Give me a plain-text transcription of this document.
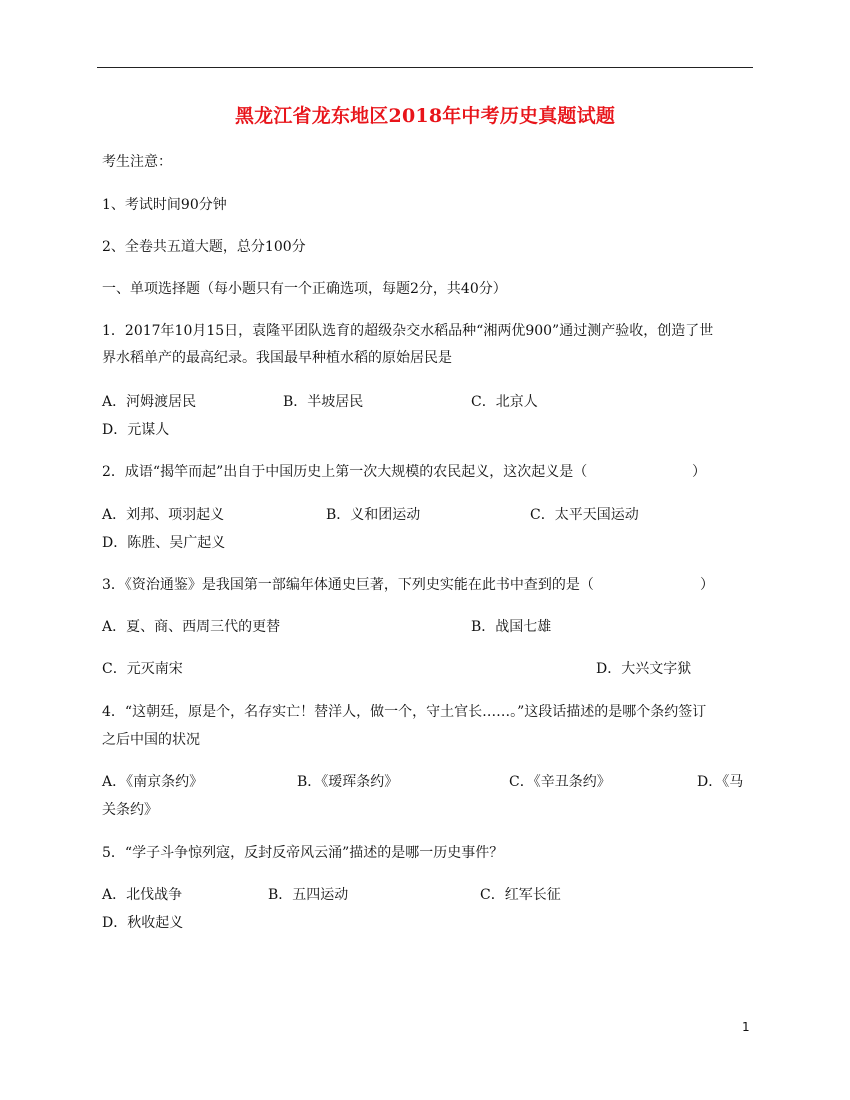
黑龙江省龙东地区2018年中考历史真题试题
考生注意：
1、考试时间90分钟
2、全卷共五道大题，总分100分
一、单项选择题（每小题只有一个正确选项，每题2分，共40分）
1．2017年10月15日，袁隆平团队选育的超级杂交水稻品种“湘两优900”通过测产验收，创造了世
界水稻单产的最高纪录。我国最早种植水稻的原始居民是
A．河姆渡居民	B．半坡居民	C．北京人
D．元谋人
2．成语“揭竿而起”出自于中国历史上第一次大规模的农民起义，这次起义是（	）
A．刘邦、项羽起义	B．义和团运动	C．太平天国运动
D．陈胜、吴广起义
3．《资治通鉴》是我国第一部编年体通史巨著，下列史实能在此书中查到的是（	）
A．夏、商、西周三代的更替	B．战国七雄
C．元灭南宋	D．大兴文字狱
4．“这朝廷，原是个，名存实亡！替洋人，做一个，守土官长……。”这段话描述的是哪个条约签订
之后中国的状况
A．《南京条约》	B．《瑷珲条约》	C．《辛丑条约》	D．《马
关条约》
5．“学子斗争惊列寇，反封反帝风云涌”描述的是哪一历史事件？
A．北伐战争	B．五四运动	C．红军长征
D．秋收起义
1
